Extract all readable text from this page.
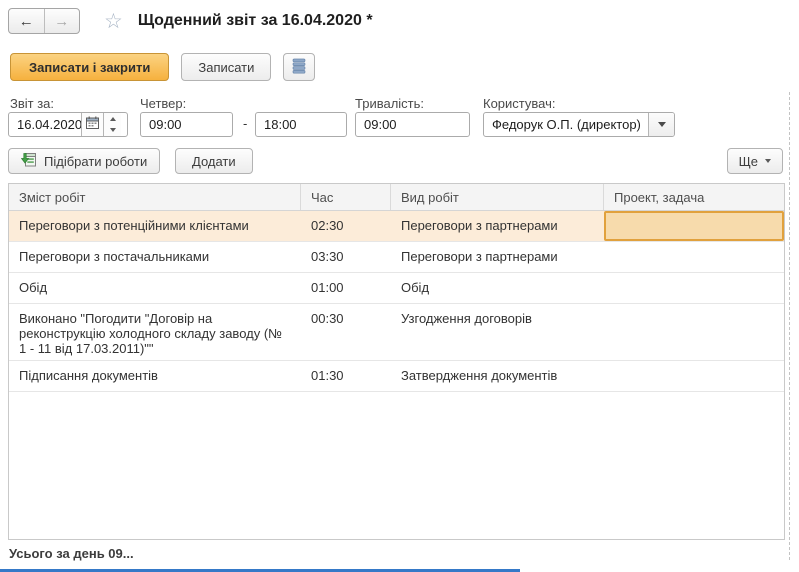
← → ☆ Щоденний звіт за 16.04.2020 *
Записати і закрити	Записати
Звіт за:
16.04.2020	Четвер:
09:00
-
18:00
Тривалість:
09:00	Користувач:
Федорук О.П. (директор)
Підібрати роботи	Додати	Ще
Зміст робіт	Час	Вид робіт	Проект, задача
Переговори з потенційними клієнтами	02:30	Переговори з партнерами
Переговори з постачальниками	03:30	Переговори з партнерами
Обід	01:00	Обід
Виконано "Погодити "Договір на реконструкцію холодного складу заводу (№ 1 - 11 від 17.03.2011)""
00:30	Узгодження договорів
Підписання документів	01:30	Затвердження документів
Усього за день 09...
